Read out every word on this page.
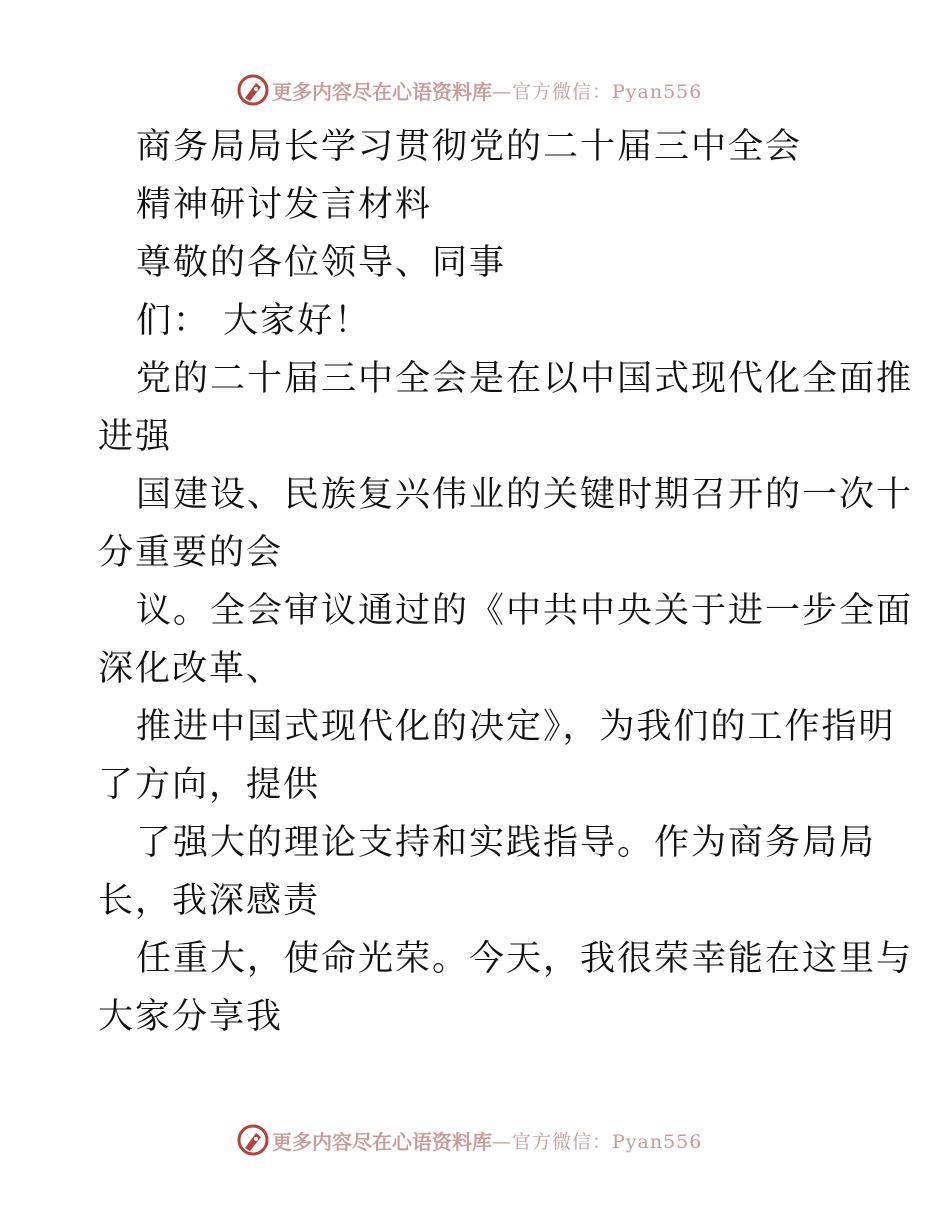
更多内容尽在心语资料库 —官方微信：Pyan556
商务局局长学习贯彻党的二十届三中全会
精神研讨发言材料
尊敬的各位领导、同事
们： 大家好！
党的二十届三中全会是在以中国式现代化全面推
进强
国建设、民族复兴伟业的关键时期召开的一次十
分重要的会
议。全会审议通过的《中共中央关于进一步全面
深化改革、
推进中国式现代化的决定》，为我们的工作指明
了方向，提供
了强大的理论支持和实践指导。作为商务局局
长，我深感责
任重大，使命光荣。今天，我很荣幸能在这里与
大家分享我
更多内容尽在心语资料库 —官方微信：Pyan556
